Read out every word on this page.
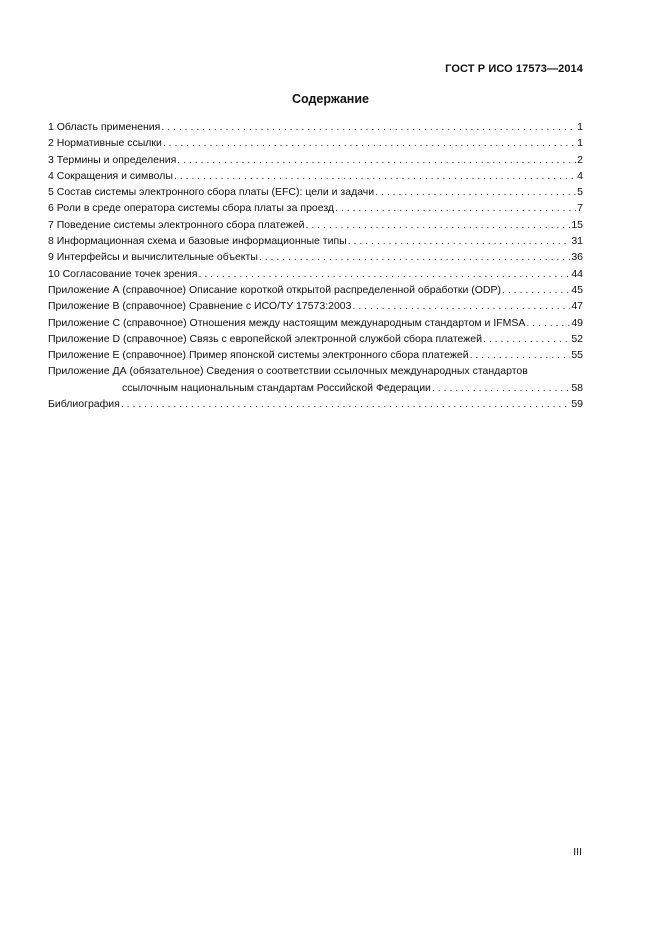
ГОСТ Р ИСО 17573—2014
Содержание
1 Область применения . . .	1
2 Нормативные ссылки . . .	1
3 Термины и определения . . .	2
4 Сокращения и символы . . .	4
5 Состав системы электронного сбора платы (EFC): цели и задачи . . .	5
6 Роли в среде оператора системы сбора платы за проезд . . .	7
7 Поведение системы электронного сбора платежей . . .	15
8 Информационная схема и базовые информационные типы . . .	31
9 Интерфейсы и вычислительные объекты . . .	36
10 Согласование точек зрения . . .	44
Приложение А (справочное) Описание короткой открытой распределенной обработки (ODP) . . .	45
Приложение В (справочное) Сравнение с ИСО/ТУ 17573:2003 . . .	47
Приложение С (справочное) Отношения между настоящим международным стандартом и IFMSA . . .	49
Приложение D (справочное) Связь с европейской электронной службой сбора платежей . . .	52
Приложение Е (справочное) Пример японской системы электронного сбора платежей . . .	55
Приложение ДА (обязательное) Сведения о соответствии ссылочных международных стандартов
ссылочным национальным стандартам Российской Федерации . . .	58
Библиография . . .	59
III
